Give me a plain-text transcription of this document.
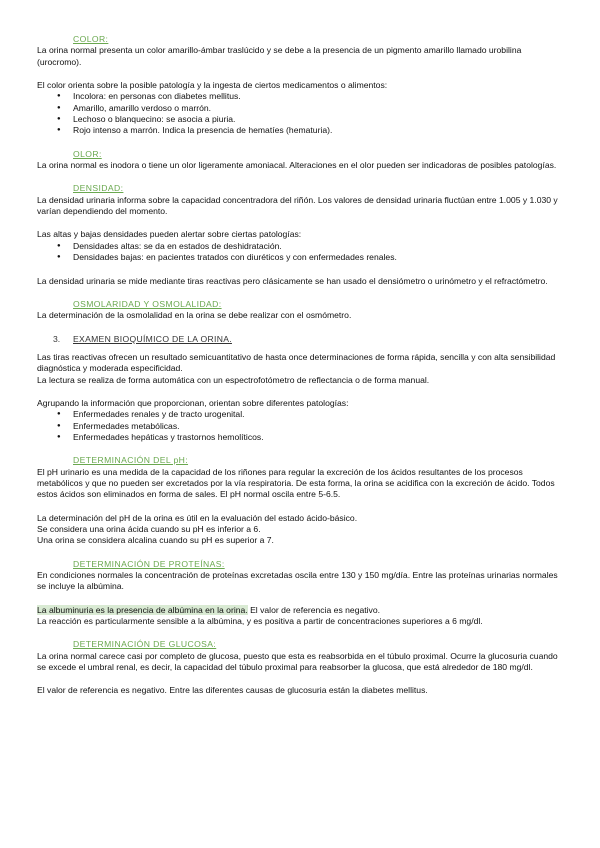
COLOR:

La orina normal presenta un color amarillo-ámbar traslúcido y se debe a la presencia de un pigmento amarillo llamado urobilina (urocromo).

El color orienta sobre la posible patología y la ingesta de ciertos medicamentos o alimentos:

● Incolora: en personas con diabetes mellitus.
● Amarillo, amarillo verdoso o marrón.
● Lechoso o blanquecino: se asocia a piuria.
● Rojo intenso a marrón. Indica la presencia de hematíes (hematuria).
OLOR:

La orina normal es inodora o tiene un olor ligeramente amoniacal. Alteraciones en el olor pueden ser indicadoras de posibles patologías.

DENSIDAD:

La densidad urinaria informa sobre la capacidad concentradora del riñón. Los valores de densidad urinaria fluctúan entre 1.005 y 1.030 y varían dependiendo del momento.

Las altas y bajas densidades pueden alertar sobre ciertas patologías:

● Densidades altas: se da en estados de deshidratación.
● Densidades bajas: en pacientes tratados con diuréticos y con enfermedades renales.

La densidad urinaria se mide mediante tiras reactivas pero clásicamente se han usado el densiómetro o urinómetro y el refractómetro.

OSMOLARIDAD Y OSMOLALIDAD:

La determinación de la osmolalidad en la orina se debe realizar con el osmómetro.

3. EXAMEN BIOQUÍMICO DE LA ORINA.

Las tiras reactivas ofrecen un resultado semicuantitativo de hasta once determinaciones de forma rápida, sencilla y con alta sensibilidad diagnóstica y moderada especificidad.

La lectura se realiza de forma automática con un espectrofotómetro de reflectancia o de forma manual.

Agrupando la información que proporcionan, orientan sobre diferentes patologías:

● Enfermedades renales y de tracto urogenital.
● Enfermedades metabólicas.
● Enfermedades hepáticas y trastornos hemolíticos.
DETERMINACIÓN DEL pH:

El pH urinario es una medida de la capacidad de los riñones para regular la excreción de los ácidos resultantes de los procesos metabólicos y que no pueden ser excretados por la vía respiratoria. De esta forma, la orina se acidifica con la excreción de ácido. Todos estos ácidos son eliminados en forma de sales. El pH normal oscila entre 5-6.5.

La determinación del pH de la orina es útil en la evaluación del estado ácido-básico.

Se considera una orina ácida cuando su pH es inferior a 6.

Una orina se considera alcalina cuando su pH es superior a 7.

DETERMINACIÓN DE PROTEÍNAS:

En condiciones normales la concentración de proteínas excretadas oscila entre 130 y 150 mg/día. Entre las proteínas urinarias normales se incluye la albúmina.

La albuminuria es la presencia de albúmina en la orina. El valor de referencia es negativo.

La reacción es particularmente sensible a la albúmina, y es positiva a partir de concentraciones superiores a 6 mg/dl.

DETERMINACIÓN DE GLUCOSA:

La orina normal carece casi por completo de glucosa, puesto que esta es reabsorbida en el túbulo proximal. Ocurre la glucosuria cuando se excede el umbral renal, es decir, la capacidad del túbulo proximal para reabsorber la glucosa, que está alrededor de 180 mg/dl.

El valor de referencia es negativo. Entre las diferentes causas de glucosuria están la diabetes mellitus.
